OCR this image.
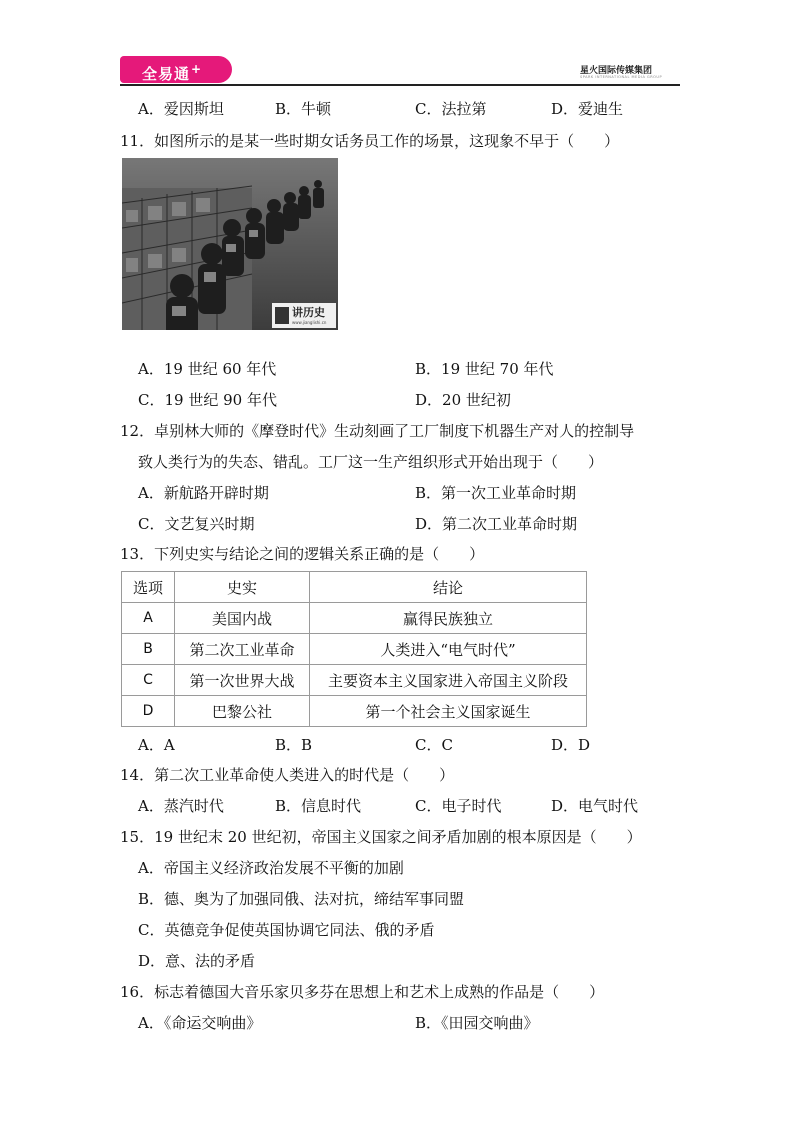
全易通+	星火国际传媒集团
SPARK INTERNATIONAL MEDIA GROUP
A．爱因斯坦	B．牛顿	C．法拉第	D．爱迪生
11．如图所示的是某一些时期女话务员工作的场景，这现象不早于（　　）
讲历史
www.jianglishi.cn
A．19 世纪 60 年代	B．19 世纪 70 年代
C．19 世纪 90 年代	D．20 世纪初
12．卓别林大师的《摩登时代》生动刻画了工厂制度下机器生产对人的控制导
致人类行为的失态、错乱。工厂这一生产组织形式开始出现于（　　）
A．新航路开辟时期	B．第一次工业革命时期
C．文艺复兴时期	D．第二次工业革命时期
13．下列史实与结论之间的逻辑关系正确的是（　　）
选项	史实	结论
A	美国内战	赢得民族独立
B	第二次工业革命	人类进入“电气时代”
C	第一次世界大战	主要资本主义国家进入帝国主义阶段
D	巴黎公社	第一个社会主义国家诞生
A．A	B．B	C．C	D．D
14．第二次工业革命使人类进入的时代是（　　）
A．蒸汽时代	B．信息时代	C．电子时代	D．电气时代
15．19 世纪末 20 世纪初，帝国主义国家之间矛盾加剧的根本原因是（　　）
A．帝国主义经济政治发展不平衡的加剧
B．德、奥为了加强同俄、法对抗，缔结军事同盟
C．英德竞争促使英国协调它同法、俄的矛盾
D．意、法的矛盾
16．标志着德国大音乐家贝多芬在思想上和艺术上成熟的作品是（　　）
A．《命运交响曲》	B．《田园交响曲》
